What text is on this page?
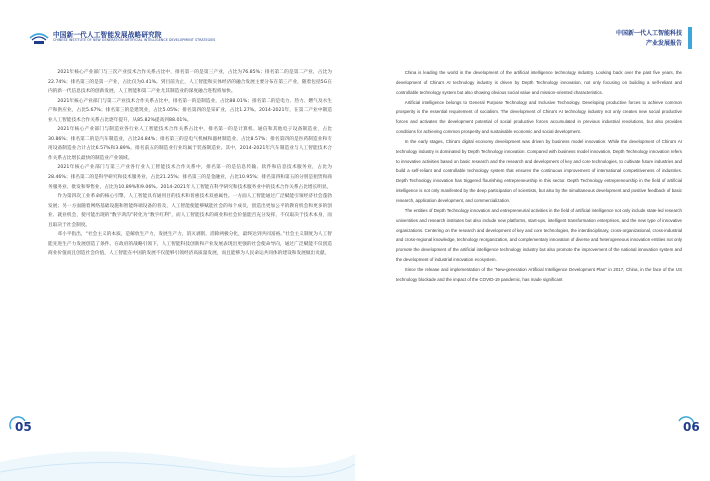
中国新一代人工智能发展战略研究院
CHINESE INSTITUTE OF NEW GENERATION ARTIFICIAL INTELLIGENCE DEVELOPMENT STRATEGIES

2021年核心产业部门与三次产业技术合作关系占比中，排名第一的是第三产业，占比为76.85%；排名第二的是第二产业，占比为22.74%；排名第三的是第一产业，占比仅为0.41%。到目前为止，人工智能和实体经济的融合发展主要分布在第三产业，随着包括5G在内的新一代信息技术的创新发展，人工智能和第二产业尤其制造业的深度融合进程将加快。

2021年核心产业部门与第二产业技术合作关系占比中，排名第一的是制造业，占比88.01%；排名第二的是电力、热力、燃气及水生产和供应业，占比5.67%；排名第三的是建筑业，占比5.05%；排名第四的是采矿业，占比1.27%。2014-2021年，在第二产业中制造业人工智能技术合作关系占比逐年提升，从85.82%提高到88.01%。

2021年核心产业部门与制造业各行业人工智能技术合作关系占比中，排名第一的是计算机、通信和其他电子设备制造业，占比30.86%；排名第二的是汽车制造业，占比24.84%；排名第三的是电气机械和器材制造业，占比8.57%；排名第四的是医药制造业和专用设备制造业合计占比6.57%和3.89%。排名前五的制造业行业均属于装备制造业。其中，2014-2021年汽车制造业与人工智能技术合作关系占比增长最快的制造业产业领域。

2021年核心产业部门与第三产业各行业人工智能技术合作关系中，排名第一的是信息传输、软件和信息技术服务业，占比为28.46%；排名第二的是科学研究和技术服务业，占比21.25%；排名第三的是金融业，占比10.95%；排名第四和第五的分别是租赁和商务服务业、批发和零售业，占比为10.89%和9.06%。2014-2021年人工智能在科学研究和技术服务业中的技术合作关系占比增长明显。

作为第四次工业革命的核心引擎，人工智能具有通用目的技术和普惠技术双重属性。一方面人工智能通过广泛赋能引领经济社会蓬勃发展；另一方面随着网络基础设施和智能终端设备的普及，人工智能使能够赋能社会的每个成员，创造出更加公平的教育机会和更多的创业、就业机会，使可能出现的“数字鸿沟”转化为“数字红利”，而人工智能技术的商业和社会价值能否充分发挥，不仅取决于技术本身，而且取决于社会制度。

邓小平指出，“社会主义的本质，是解放生产力，发展生产力，消灭剥削，消除两极分化，最终达到共同富裕。”社会主义制度为人工智能先进生产力发展创造了条件。在政府的战略引领下，人工智能科技创新和产业发展表现出更强的社会使命导向，通过广泛赋能不仅创造商业价值而且创造社会价值，人工智能在中国的发展不仅能够引领经济高质量发展，而且能够为人民命运共同体的建设和发展做出贡献。

05
中国新一代人工智能科技
产业发展报告

China is leading the world in the development of the artificial intelligence technology industry. Looking back over the past five years, the development of China’s AI technology industry is driven by Depth Technology innovation, not only focusing on building a self-reliant and controllable technology system but also showing obvious social value and mission-oriented characteristics.

Artificial intelligence belongs to General Purpose Technology and Inclusive Technology. Developing productive forces to achieve common prosperity is the essential requirement of socialism. The development of China’s AI technology industry not only creates new social productive forces and activates the development potential of social productive forces accumulated in previous industrial revolutions, but also provides conditions for achieving common prosperity and sustainable economic and social development.

In the early stages, China’s digital economy development was driven by business model innovation. While the development of China’s AI technology industry is dominated by Depth Technology innovation. Compared with business model innovation, Depth Technology innovation refers to innovative activities based on basic research and the research and development of key and core technologies, to cultivate future industries and build a self-reliant and controllable technology system that ensures the continuous improvement of international competitiveness of industries. Depth Technology innovation has triggered flourishing entrepreneurship in this sector. Depth Technology entrepreneurship in the field of artificial intelligence is not only manifested by the deep participation of scientists, but also by the simultaneous development and positive feedback of basic research, application development, and commercialization.

The entities of Depth Technology innovation and entrepreneurial activities in the field of artificial intelligence not only include state-led research universities and research institutes but also include new platforms, start-ups, intelligent transformation enterprises, and the new type of innovative organizations. Centering on the research and development of key and core technologies, the interdisciplinary, cross-organizational, cross-industrial and cross-regional knowledge, technology reorganization, and complementary innovation of diverse and heterogeneous innovation entities not only promote the development of the artificial intelligence technology industry but also promote the improvement of the national innovation system and the development of industrial innovation ecosystem.

Since the release and implementation of the “New-generation Artificial Intelligence Development Plan” in 2017, China, in the face of the US technology blockade and the impact of the COVID-19 pandemic, has made significant

06
